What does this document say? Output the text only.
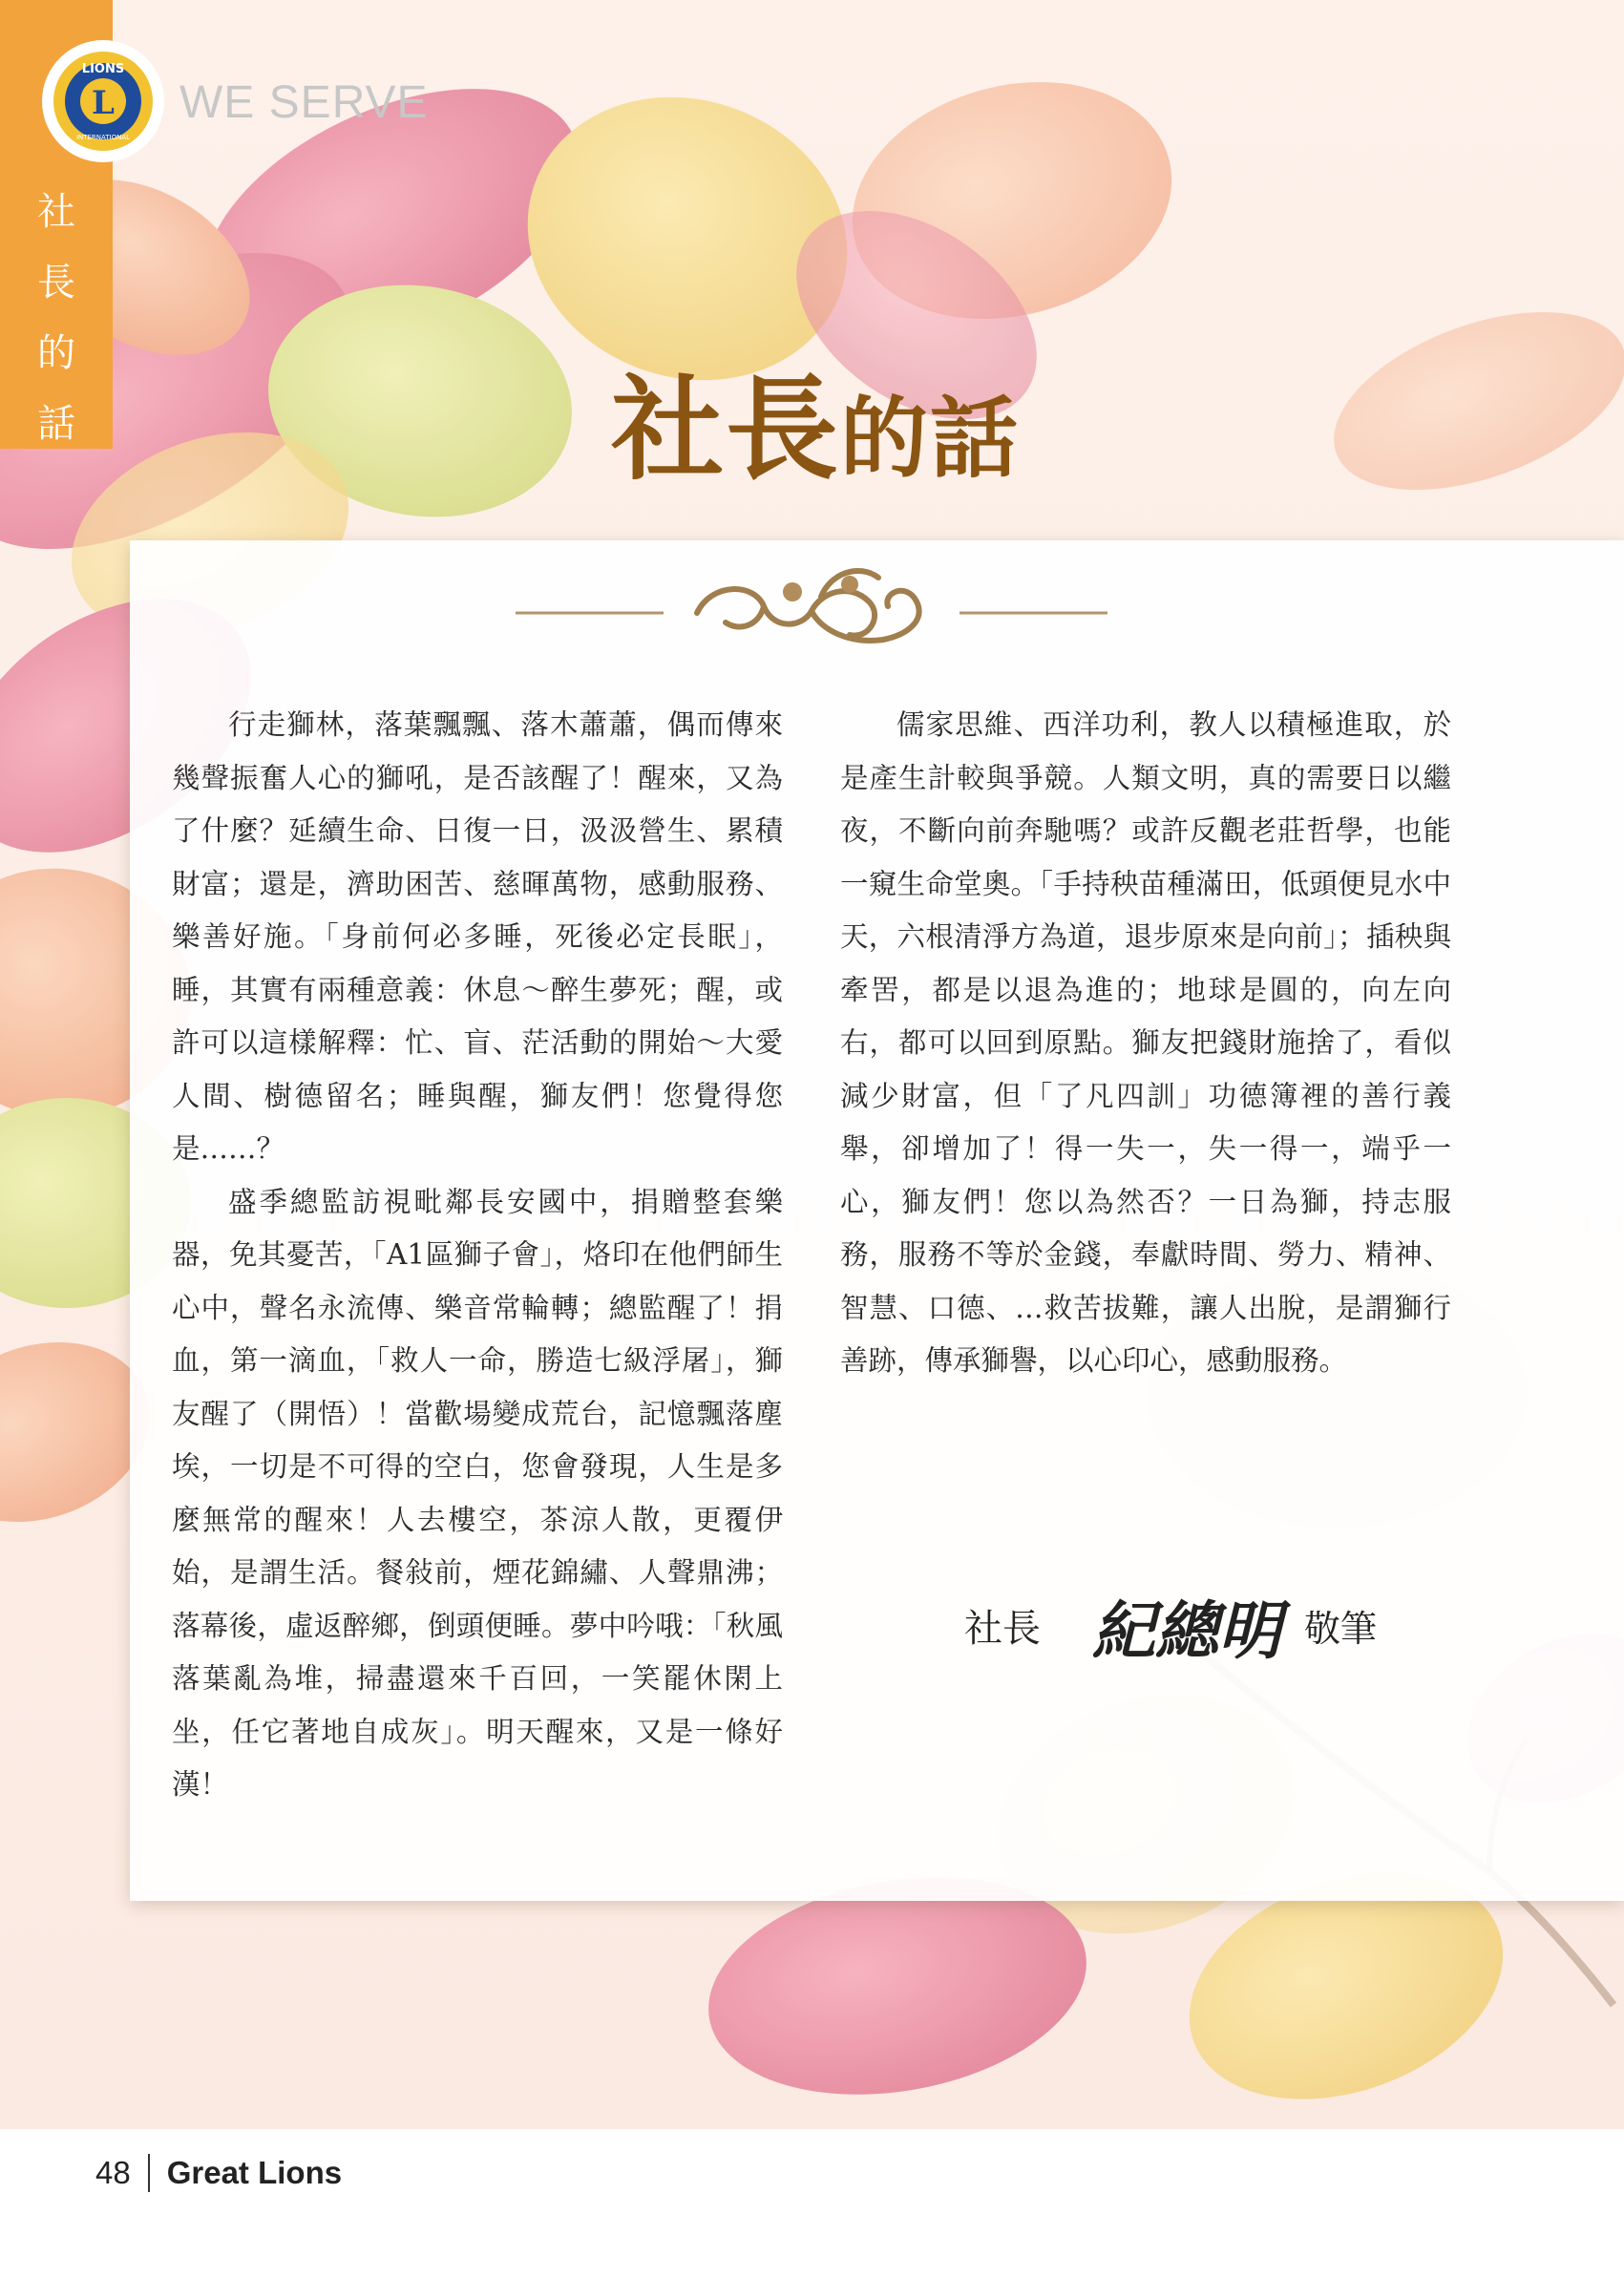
社
長
的
話
L
LIONS
INTERNATIONAL
WE SERVE
社長的話

行走獅林，落葉飄飄、落木蕭蕭，偶而傳來幾聲振奮人心的獅吼，是否該醒了！醒來，又為了什麼？延續生命、日復一日，汲汲營生、累積財富；還是，濟助困苦、慈暉萬物，感動服務、樂善好施。「身前何必多睡，死後必定長眠」，睡，其實有兩種意義：休息～醉生夢死；醒，或許可以這樣解釋：忙、盲、茫活動的開始～大愛人間、樹德留名；睡與醒，獅友們！您覺得您是……？

盛季總監訪視毗鄰長安國中，捐贈整套樂器，免其憂苦，「A1區獅子會」，烙印在他們師生心中，聲名永流傳、樂音常輪轉；總監醒了！捐血，第一滴血，「救人一命，勝造七級浮屠」，獅友醒了（開悟）！當歡場變成荒台，記憶飄落塵埃，一切是不可得的空白，您會發現，人生是多麼無常的醒來！人去樓空，茶涼人散，更覆伊始，是謂生活。餐敍前，煙花錦繡、人聲鼎沸；落幕後，虛返醉鄉，倒頭便睡。夢中吟哦：「秋風落葉亂為堆，掃盡還來千百回，一笑罷休閑上坐，任它著地自成灰」。明天醒來，又是一條好漢！

儒家思維、西洋功利，教人以積極進取，於是產生計較與爭競。人類文明，真的需要日以繼夜，不斷向前奔馳嗎？或許反觀老莊哲學，也能一窺生命堂奧。「手持秧苗種滿田，低頭便見水中天，六根清淨方為道，退步原來是向前」；插秧與牽罟，都是以退為進的；地球是圓的，向左向右，都可以回到原點。獅友把錢財施捨了，看似減少財富，但「了凡四訓」功德簿裡的善行義舉，卻增加了！得一失一，失一得一，端乎一心，獅友們！您以為然否？一日為獅，持志服務，服務不等於金錢，奉獻時間、勞力、精神、智慧、口德、…救苦拔難，讓人出脫，是謂獅行善跡，傳承獅譽，以心印心，感動服務。

社長 紀總明 敬筆
48 Great Lions
